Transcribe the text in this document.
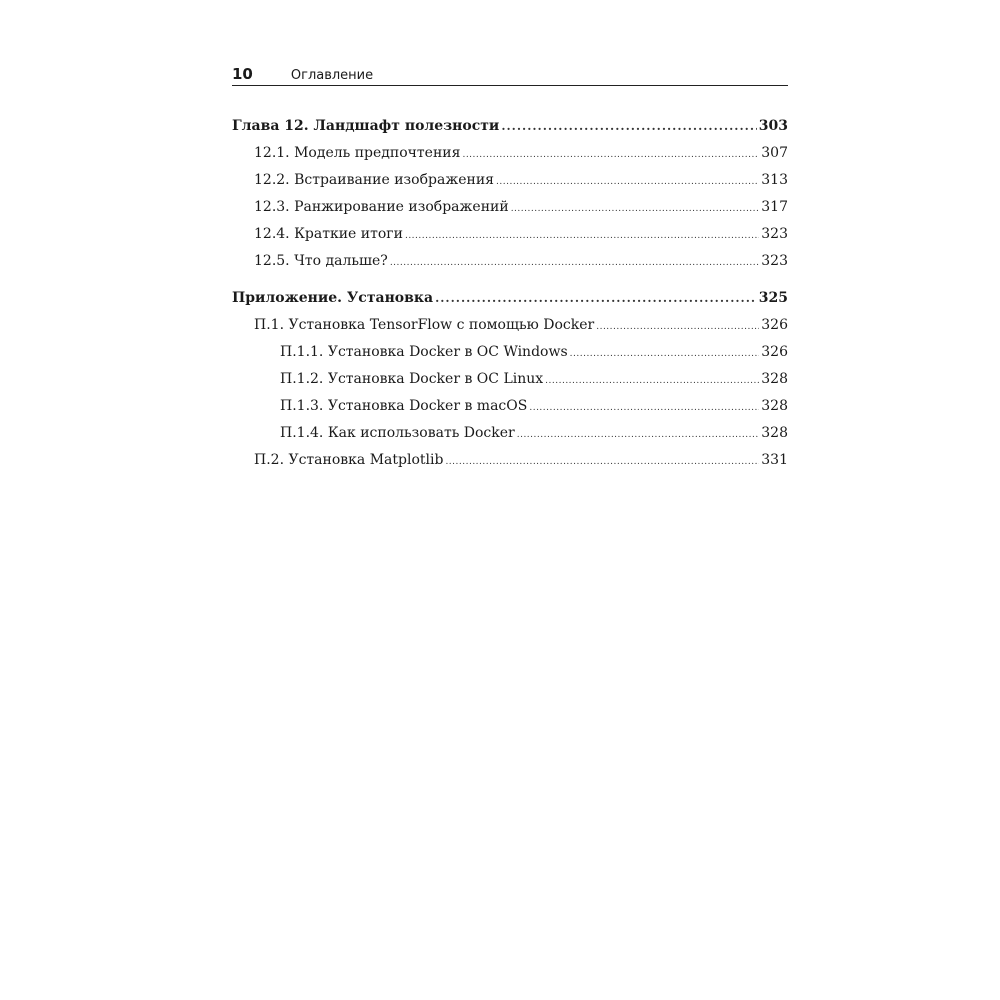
10	Оглавление
Глава 12. Ландшафт полезности .....	303
12.1. Модель предпочтения .....	307
12.2. Встраивание изображения .....	313
12.3. Ранжирование изображений .....	317
12.4. Краткие итоги .....	323
12.5. Что дальше? .....	323
Приложение. Установка .....	325
П.1. Установка TensorFlow с помощью Docker .....	326
П.1.1. Установка Docker в ОС Windows .....	326
П.1.2. Установка Docker в ОС Linux .....	328
П.1.3. Установка Docker в macOS .....	328
П.1.4. Как использовать Docker .....	328
П.2. Установка Matplotlib .....	331
